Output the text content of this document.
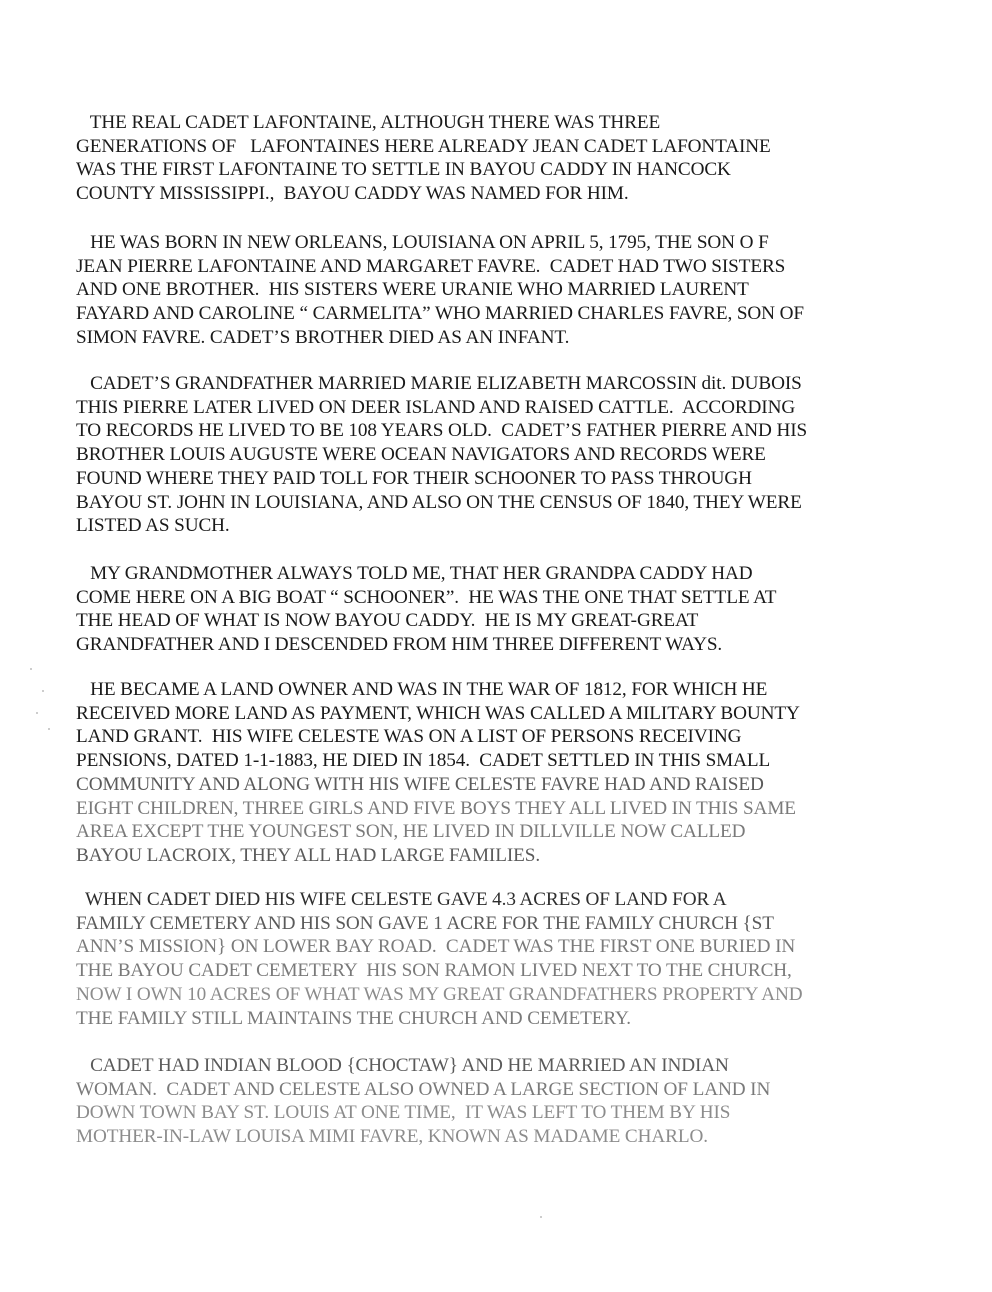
THE REAL CADET LAFONTAINE, ALTHOUGH THERE WAS THREE
GENERATIONS OF   LAFONTAINES HERE ALREADY JEAN CADET LAFONTAINE
WAS THE FIRST LAFONTAINE TO SETTLE IN BAYOU CADDY IN HANCOCK
COUNTY MISSISSIPPI.,  BAYOU CADDY WAS NAMED FOR HIM.
HE WAS BORN IN NEW ORLEANS, LOUISIANA ON APRIL 5, 1795, THE SON O F
JEAN PIERRE LAFONTAINE AND MARGARET FAVRE.  CADET HAD TWO SISTERS
AND ONE BROTHER.  HIS SISTERS WERE URANIE WHO MARRIED LAURENT
FAYARD AND CAROLINE “ CARMELITA” WHO MARRIED CHARLES FAVRE, SON OF
SIMON FAVRE. CADET’S BROTHER DIED AS AN INFANT.
CADET’S GRANDFATHER MARRIED MARIE ELIZABETH MARCOSSIN dit. DUBOIS
THIS PIERRE LATER LIVED ON DEER ISLAND AND RAISED CATTLE.  ACCORDING
TO RECORDS HE LIVED TO BE 108 YEARS OLD.  CADET’S FATHER PIERRE AND HIS
BROTHER LOUIS AUGUSTE WERE OCEAN NAVIGATORS AND RECORDS WERE
FOUND WHERE THEY PAID TOLL FOR THEIR SCHOONER TO PASS THROUGH
BAYOU ST. JOHN IN LOUISIANA, AND ALSO ON THE CENSUS OF 1840, THEY WERE
LISTED AS SUCH.
MY GRANDMOTHER ALWAYS TOLD ME, THAT HER GRANDPA CADDY HAD
COME HERE ON A BIG BOAT “ SCHOONER”.  HE WAS THE ONE THAT SETTLE AT
THE HEAD OF WHAT IS NOW BAYOU CADDY.  HE IS MY GREAT-GREAT
GRANDFATHER AND I DESCENDED FROM HIM THREE DIFFERENT WAYS.
HE BECAME A LAND OWNER AND WAS IN THE WAR OF 1812, FOR WHICH HE
RECEIVED MORE LAND AS PAYMENT, WHICH WAS CALLED A MILITARY BOUNTY
LAND GRANT.  HIS WIFE CELESTE WAS ON A LIST OF PERSONS RECEIVING
PENSIONS, DATED 1-1-1883, HE DIED IN 1854.  CADET SETTLED IN THIS SMALL
COMMUNITY AND ALONG WITH HIS WIFE CELESTE FAVRE HAD AND RAISED
EIGHT CHILDREN, THREE GIRLS AND FIVE BOYS THEY ALL LIVED IN THIS SAME
AREA EXCEPT THE YOUNGEST SON, HE LIVED IN DILLVILLE NOW CALLED
BAYOU LACROIX, THEY ALL HAD LARGE FAMILIES.
WHEN CADET DIED HIS WIFE CELESTE GAVE 4.3 ACRES OF LAND FOR A
FAMILY CEMETERY AND HIS SON GAVE 1 ACRE FOR THE FAMILY CHURCH {ST
ANN’S MISSION} ON LOWER BAY ROAD.  CADET WAS THE FIRST ONE BURIED IN
THE BAYOU CADET CEMETERY  HIS SON RAMON LIVED NEXT TO THE CHURCH,
NOW I OWN 10 ACRES OF WHAT WAS MY GREAT GRANDFATHERS PROPERTY AND
THE FAMILY STILL MAINTAINS THE CHURCH AND CEMETERY.
CADET HAD INDIAN BLOOD {CHOCTAW} AND HE MARRIED AN INDIAN
WOMAN.  CADET AND CELESTE ALSO OWNED A LARGE SECTION OF LAND IN
DOWN TOWN BAY ST. LOUIS AT ONE TIME,  IT WAS LEFT TO THEM BY HIS
MOTHER-IN-LAW LOUISA MIMI FAVRE, KNOWN AS MADAME CHARLO.
